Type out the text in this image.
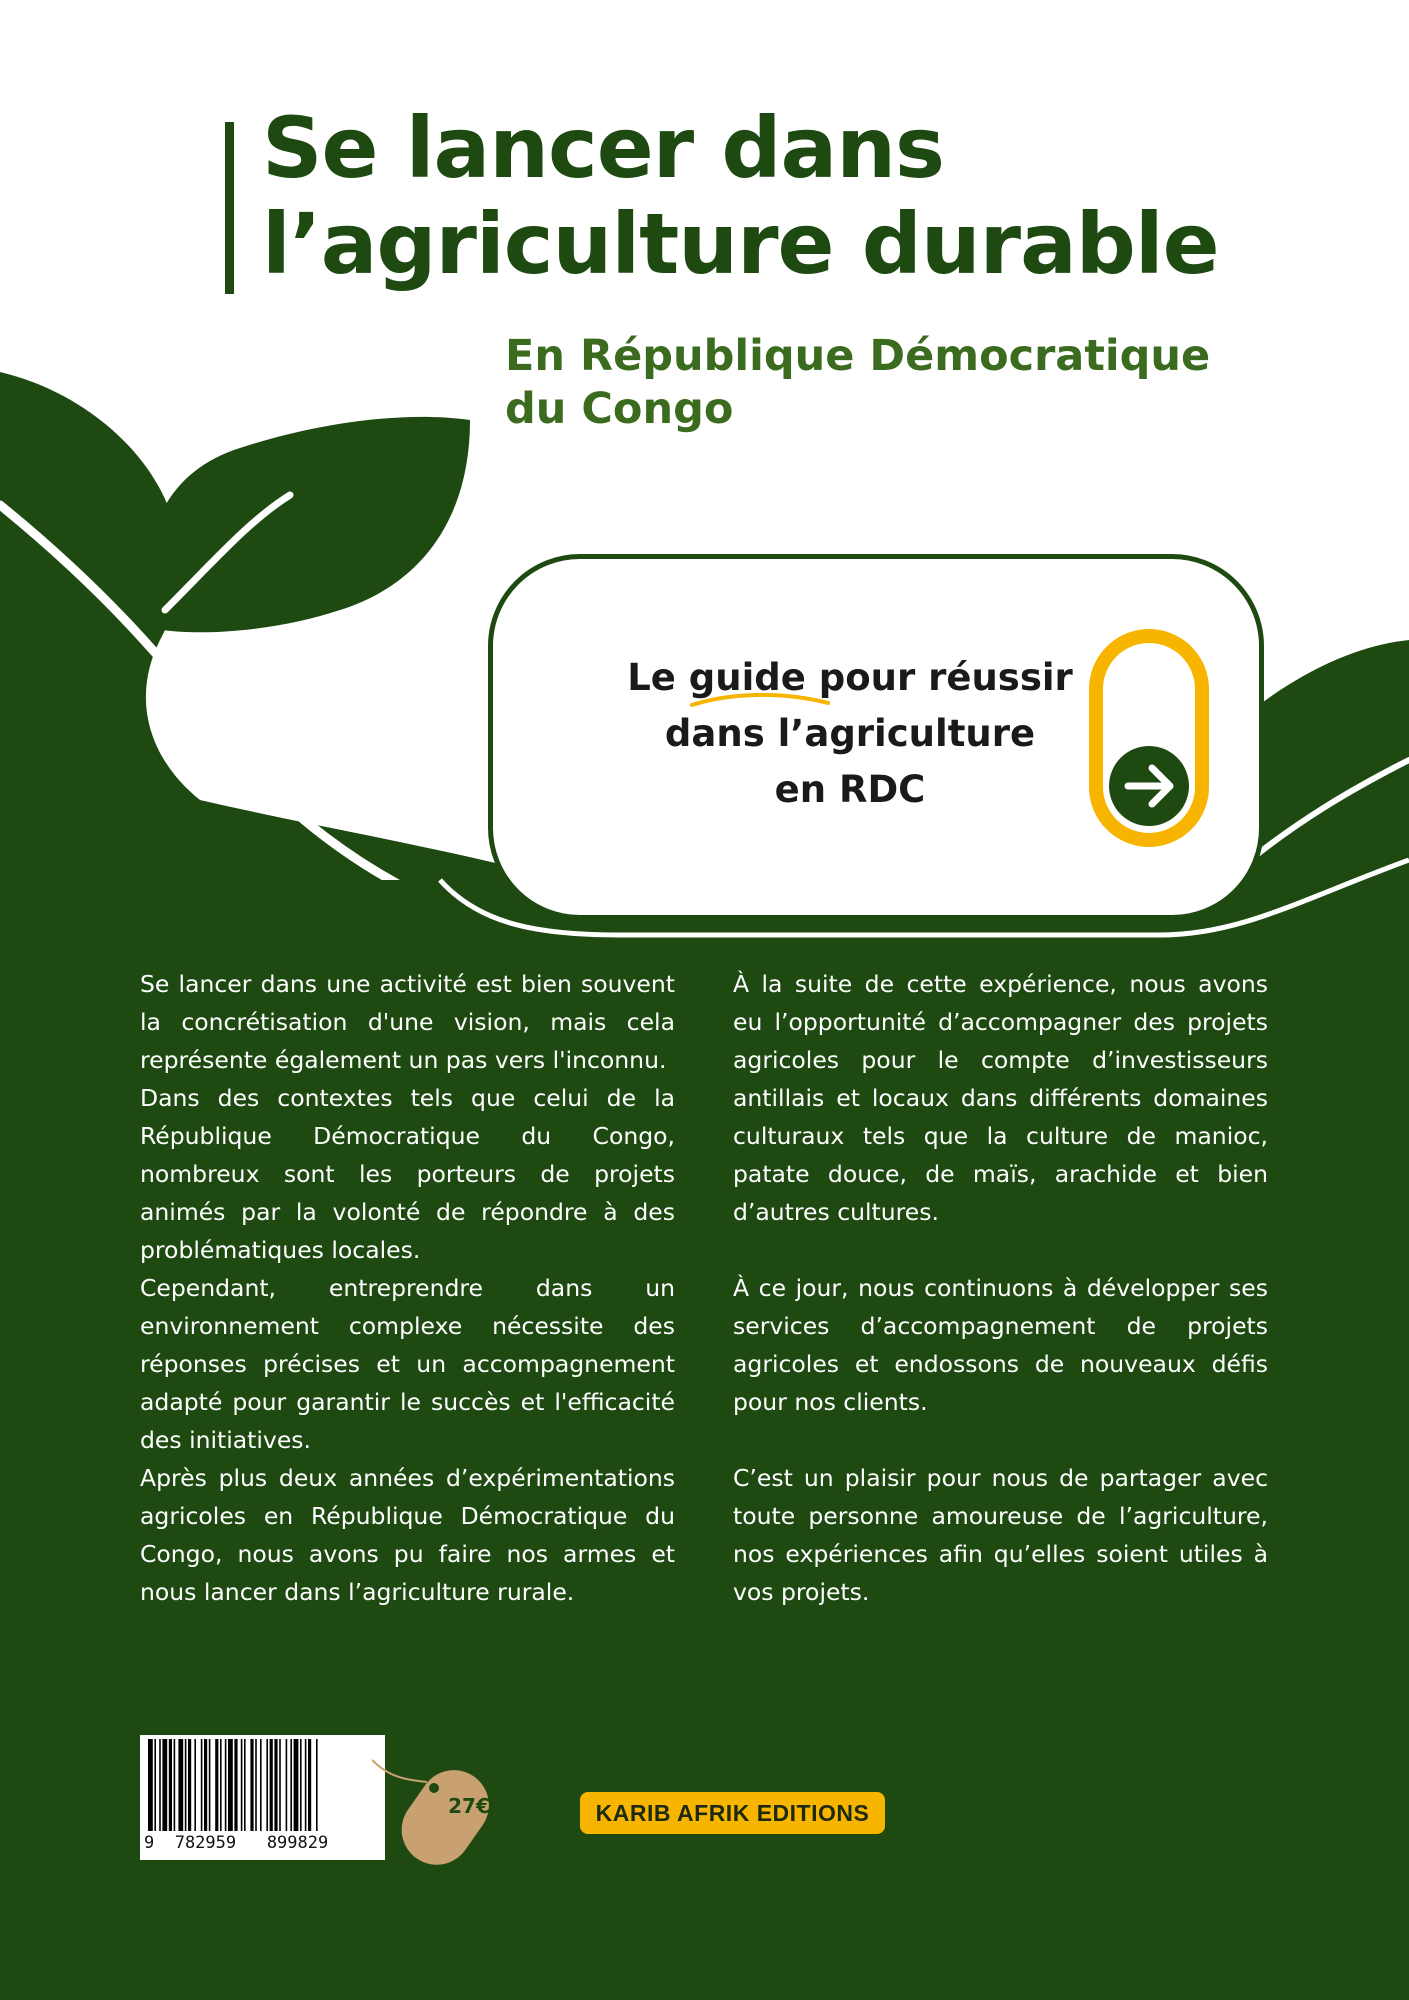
Se lancer dans
l’agriculture durable
En République Démocratique
du Congo
Le guide pour réussir
dans l’agriculture
en RDC

Se lancer dans une activité est bien souvent la concrétisation d'une vision, mais cela représente également un pas vers l'inconnu.

Dans des contextes tels que celui de la République Démocratique du Congo, nombreux sont les porteurs de projets animés par la volonté de répondre à des problématiques locales.

Cependant, entreprendre dans un environnement complexe nécessite des réponses précises et un accompagnement adapté pour garantir le succès et l'efficacité des initiatives.

Après plus deux années d’expérimentations agricoles en République Démocratique du Congo, nous avons pu faire nos armes et nous lancer dans l’agriculture rurale.

À la suite de cette expérience, nous avons eu l’opportunité d’accompagner des projets agricoles pour le compte d’investisseurs antillais et locaux dans différents domaines culturaux tels que la culture de manioc, patate douce, de maïs, arachide et bien d’autres cultures.

À ce jour, nous continuons à développer ses services d’accompagnement de projets agricoles et endossons de nouveaux défis pour nos clients.

C’est un plaisir pour nous de partager avec toute personne amoureuse de l’agriculture, nos expériences afin qu’elles soient utiles à vos projets.

9  782959   899829
27€	KARIB AFRIK EDITIONS
